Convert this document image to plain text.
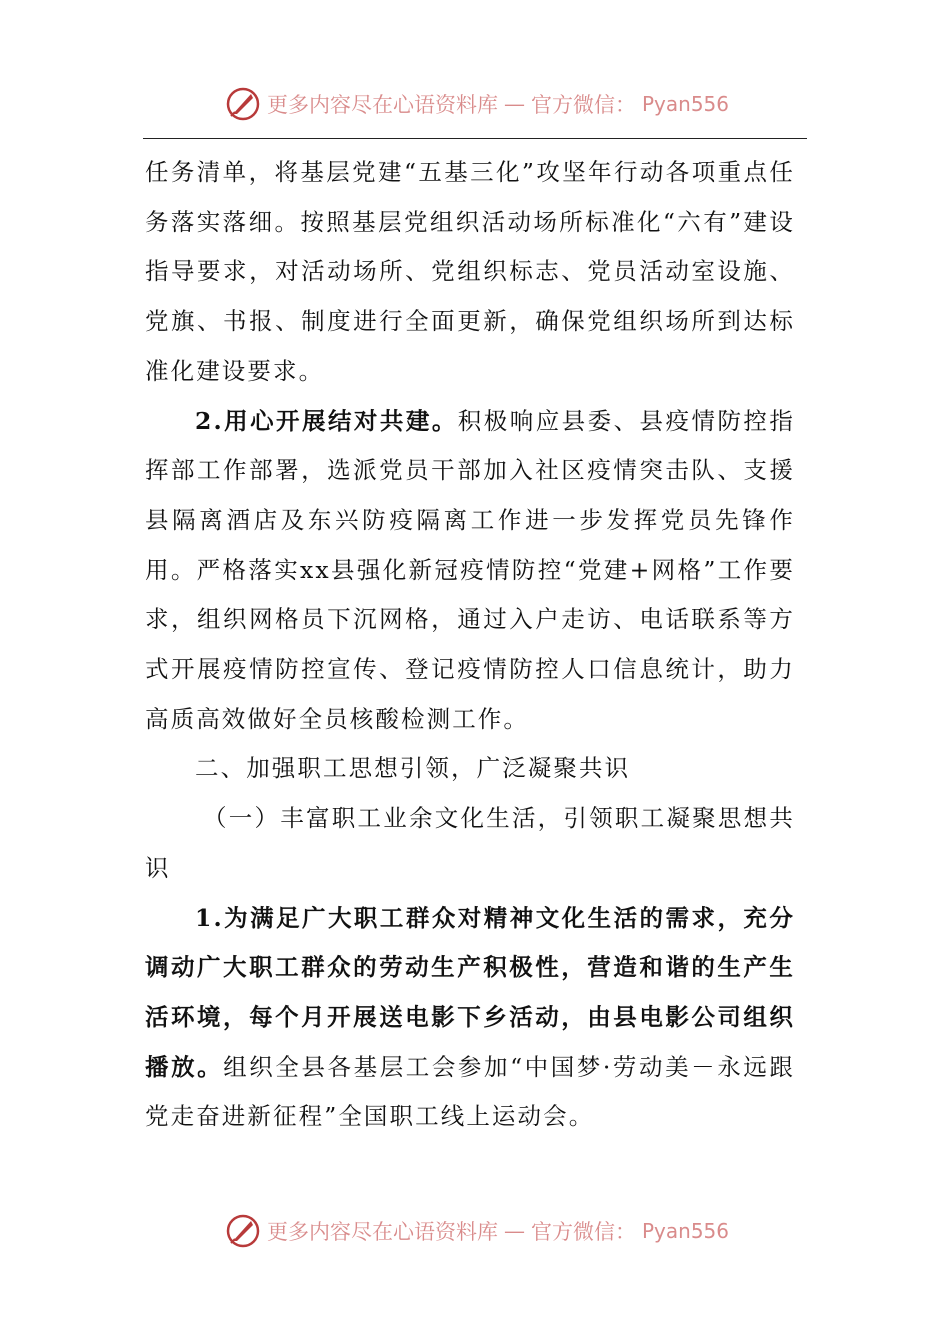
更多内容尽在心语资料库 — 官方微信： Pyan556

任务清单，将基层党建“五基三化”攻坚年行动各项重点任务落实落细。按照基层党组织活动场所标准化“六有”建设指导要求，对活动场所、党组织标志、党员活动室设施、党旗、书报、制度进行全面更新，确保党组织场所到达标准化建设要求。

2.用心开展结对共建。积极响应县委、县疫情防控指挥部工作部署，选派党员干部加入社区疫情突击队、支援县隔离酒店及东兴防疫隔离工作进一步发挥党员先锋作用。严格落实xx县强化新冠疫情防控“党建+网格”工作要求，组织网格员下沉网格，通过入户走访、电话联系等方式开展疫情防控宣传、登记疫情防控人口信息统计，助力高质高效做好全员核酸检测工作。

二、加强职工思想引领，广泛凝聚共识

（一）丰富职工业余文化生活，引领职工凝聚思想共识

1.为满足广大职工群众对精神文化生活的需求，充分调动广大职工群众的劳动生产积极性，营造和谐的生产生活环境，每个月开展送电影下乡活动，由县电影公司组织播放。组织全县各基层工会参加“中国梦·劳动美－永远跟党走奋进新征程”全国职工线上运动会。

更多内容尽在心语资料库 — 官方微信： Pyan556
